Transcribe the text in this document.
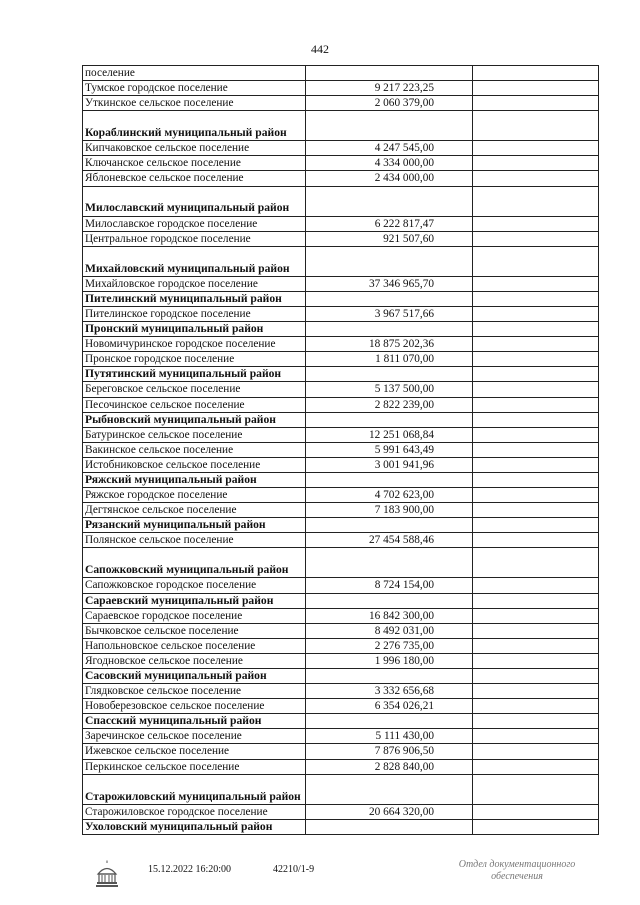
442
поселение		
Тумское городское поселение	9 217 223,25	
Уткинское сельское поселение	2 060 379,00	
Кораблинский муниципальный район		
Кипчаковское сельское поселение	4 247 545,00	
Ключанское сельское поселение	4 334 000,00	
Яблоневское сельское поселение	2 434 000,00	
Милославский муниципальный район		
Милославское городское поселение	6 222 817,47	
Центральное городское поселение	921 507,60	
Михайловский муниципальный район		
Михайловское городское поселение	37 346 965,70	
Пителинский муниципальный район		
Пителинское городское поселение	3 967 517,66	
Пронский муниципальный район		
Новомичуринское городское поселение	18 875 202,36	
Пронское городское поселение	1 811 070,00	
Путятинский муниципальный район		
Береговское сельское поселение	5 137 500,00	
Песочинское сельское поселение	2 822 239,00	
Рыбновский муниципальный район		
Батуринское сельское поселение	12 251 068,84	
Вакинское сельское поселение	5 991 643,49	
Истобниковское сельское поселение	3 001 941,96	
Ряжский муниципальный район		
Ряжское городское поселение	4 702 623,00	
Дегтянское сельское поселение	7 183 900,00	
Рязанский муниципальный район		
Полянское сельское поселение	27 454 588,46	
Сапожковский муниципальный район		
Сапожковское городское поселение	8 724 154,00	
Сараевский муниципальный район		
Сараевское городское поселение	16 842 300,00	
Бычковское сельское поселение	8 492 031,00	
Напольновское сельское поселение	2 276 735,00	
Ягодновское сельское поселение	1 996 180,00	
Сасовский муниципальный район		
Глядковское сельское поселение	3 332 656,68	
Новоберезовское сельское поселение	6 354 026,21	
Спасский муниципальный район		
Заречинское сельское поселение	5 111 430,00	
Ижевское сельское поселение	7 876 906,50	
Перкинское сельское поселение	2 828 840,00	
Старожиловский муниципальный район		
Старожиловское городское поселение	20 664 320,00	
Ухоловский муниципальный район		
15.12.2022 16:20:00	42210/1-9	Отдел документационного обеспечения
